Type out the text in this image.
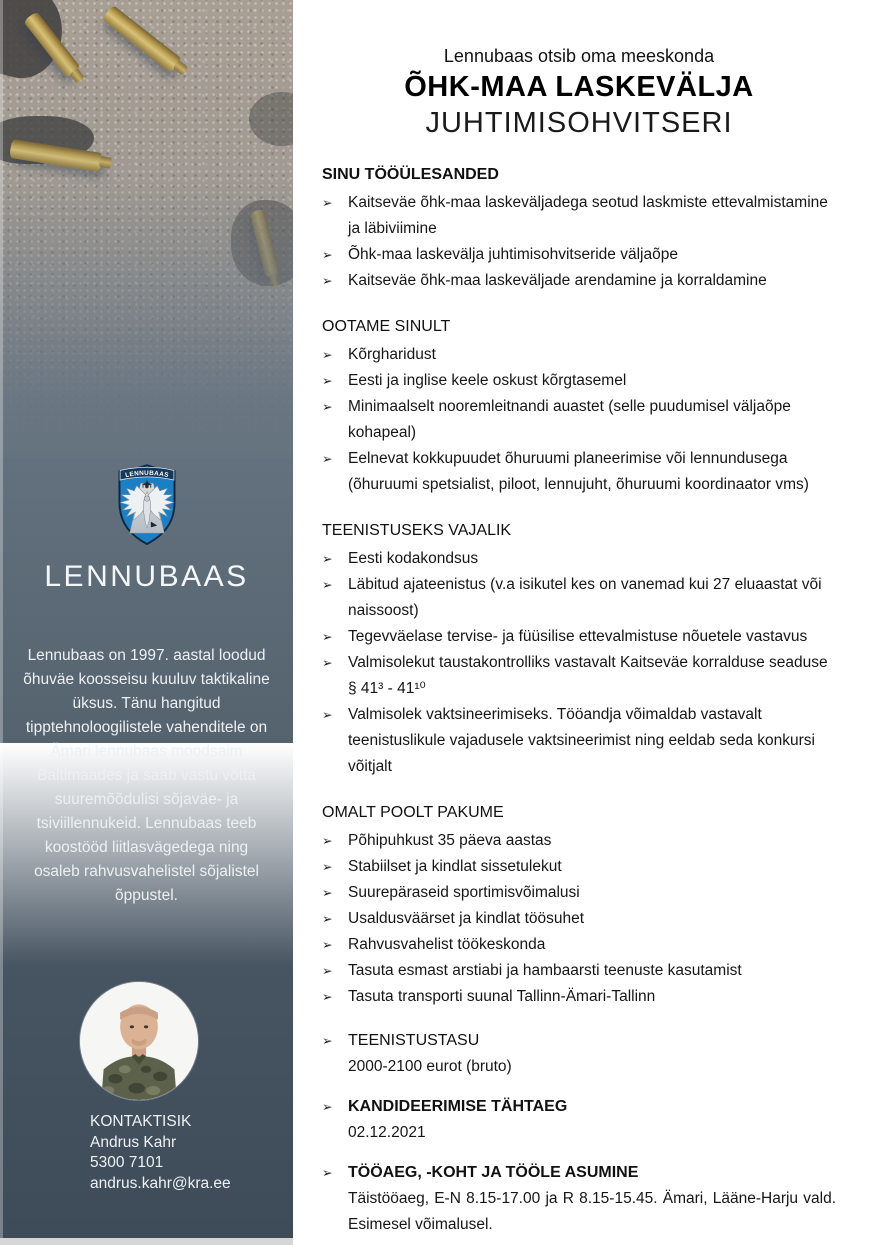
LENNUBAAS
LENNUBAAS

Lennubaas on 1997. aastal loodud õhuväe koosseisu kuuluv taktikaline üksus. Tänu hangitud tipptehnoloogilistele vahenditele on Ämari lennubaas moodsaim Baltimaades ja saab vastu võtta suuremõõdulisi sõjaväe- ja tsiviillennukeid. Lennubaas teeb koostööd liitlasvägedega ning osaleb rahvusvahelistel sõjalistel õppustel.

KONTAKTISIK
Andrus Kahr
5300 7101
andrus.kahr@kra.ee
Lennubaas otsib oma meeskonda
ÕHK-MAA LASKEVÄLJA
JUHTIMISOHVITSERI
SINU TÖÖÜLESANDED
➢	Kaitseväe õhk-maa laskeväljadega seotud laskmiste ettevalmistamine ja läbiviimine
➢	Õhk-maa laskevälja juhtimisohvitseride väljaõpe
➢	Kaitseväe õhk-maa laskeväljade arendamine ja korraldamine
OOTAME SINULT
➢	Kõrgharidust
➢	Eesti ja inglise keele oskust kõrgtasemel
➢	Minimaalselt nooremleitnandi auastet (selle puudumisel väljaõpe kohapeal)
➢	Eelnevat kokkupuudet õhuruumi planeerimise või lennundusega (õhuruumi spetsialist, piloot, lennujuht, õhuruumi koordinaator vms)
TEENISTUSEKS VAJALIK
➢	Eesti kodakondsus
➢	Läbitud ajateenistus (v.a isikutel kes on vanemad kui 27 eluaastat või naissoost)
➢	Tegevväelase tervise- ja füüsilise ettevalmistuse nõuetele vastavus
➢	Valmisolekut taustakontrolliks vastavalt Kaitseväe korralduse seaduse § 41³ - 41¹⁰
➢	Valmisolek vaktsineerimiseks. Tööandja võimaldab vastavalt teenistuslikule vajadusele vaktsineerimist ning eeldab seda konkursi võitjalt
OMALT POOLT PAKUME
➢	Põhipuhkust 35 päeva aastas
➢	Stabiilset ja kindlat sissetulekut
➢	Suurepäraseid sportimisvõimalusi
➢	Usaldusväärset ja kindlat töösuhet
➢	Rahvusvahelist töökeskonda
➢	Tasuta esmast arstiabi ja hambaarsti teenuste kasutamist
➢	Tasuta transporti suunal Tallinn-Ämari-Tallinn
➢ TEENISTUSTASU
2000-2100 eurot (bruto)
➢ KANDIDEERIMISE TÄHTAEG
02.12.2021
➢ TÖÖAEG, -KOHT JA TÖÖLE ASUMINE
Täistööaeg, E-N 8.15-17.00 ja R 8.15-15.45. Ämari, Lääne-Harju vald. Esimesel võimalusel.
